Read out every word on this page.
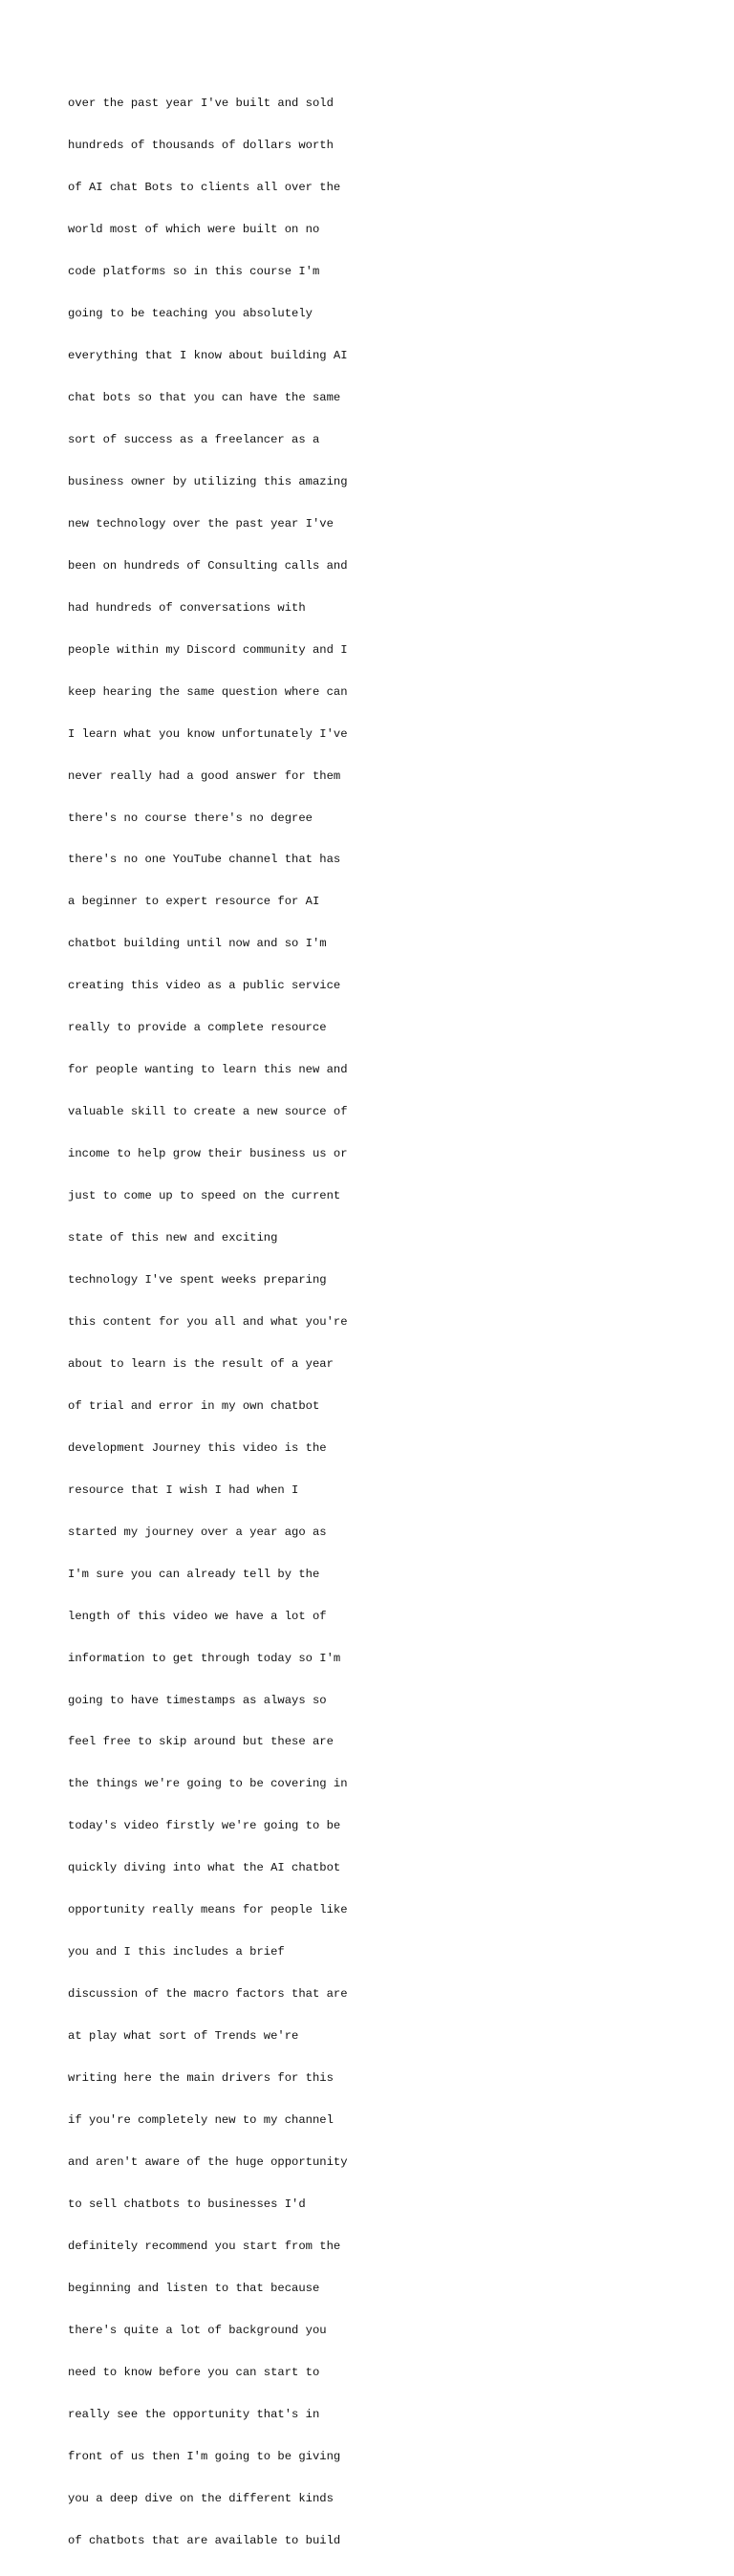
over the past year I've built and sold

hundreds of thousands of dollars worth

of AI chat Bots to clients all over the

world most of which were built on no

code platforms so in this course I'm

going to be teaching you absolutely

everything that I know about building AI

chat bots so that you can have the same

sort of success as a freelancer as a

business owner by utilizing this amazing

new technology over the past year I've

been on hundreds of Consulting calls and

had hundreds of conversations with

people within my Discord community and I

keep hearing the same question where can

I learn what you know unfortunately I've

never really had a good answer for them

there's no course there's no degree

there's no one YouTube channel that has

a beginner to expert resource for AI

chatbot building until now and so I'm

creating this video as a public service

really to provide a complete resource

for people wanting to learn this new and

valuable skill to create a new source of

income to help grow their business us or

just to come up to speed on the current

state of this new and exciting

technology I've spent weeks preparing

this content for you all and what you're

about to learn is the result of a year

of trial and error in my own chatbot

development Journey this video is the

resource that I wish I had when I

started my journey over a year ago as

I'm sure you can already tell by the

length of this video we have a lot of

information to get through today so I'm

going to have timestamps as always so

feel free to skip around but these are

the things we're going to be covering in

today's video firstly we're going to be

quickly diving into what the AI chatbot

opportunity really means for people like

you and I this includes a brief

discussion of the macro factors that are

at play what sort of Trends we're

writing here the main drivers for this

if you're completely new to my channel

and aren't aware of the huge opportunity

to sell chatbots to businesses I'd

definitely recommend you start from the

beginning and listen to that because

there's quite a lot of background you

need to know before you can start to

really see the opportunity that's in

front of us then I'm going to be giving

you a deep dive on the different kinds

of chatbots that are available to build
